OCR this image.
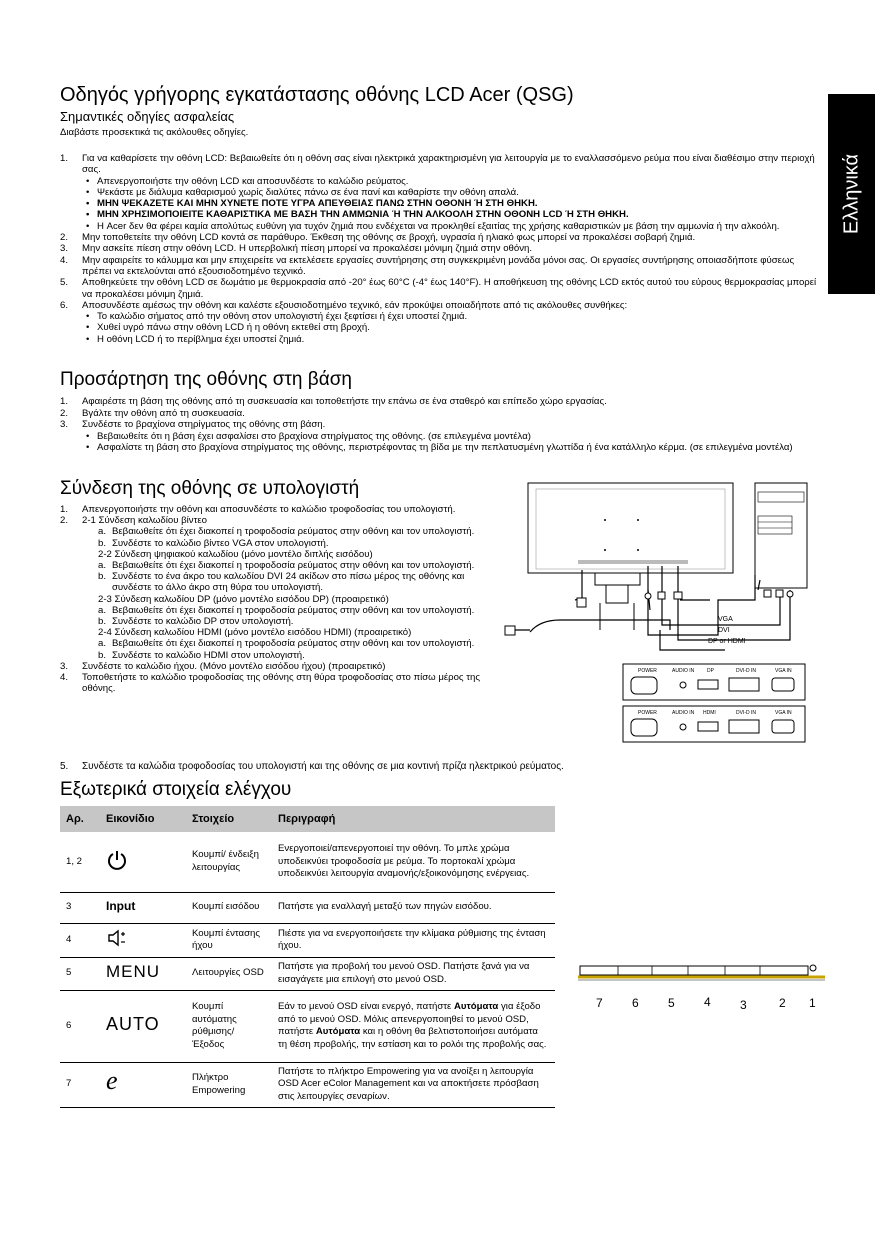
Ελληνικά
Οδηγός γρήγορης εγκατάστασης οθόνης LCD Acer (QSG)
Σημαντικές οδηγίες ασφαλείας
Διαβάστε προσεκτικά τις ακόλουθες οδηγίες.
1. Για να καθαρίσετε την οθόνη LCD: Βεβαιωθείτε ότι η οθόνη σας είναι ηλεκτρικά χαρακτηρισμένη για λειτουργία με το εναλλασσόμενο ρεύμα που είναι διαθέσιμο στην περιοχή σας.
• Απενεργοποιήστε την οθόνη LCD και αποσυνδέστε το καλώδιο ρεύματος.
• Ψεκάστε με διάλυμα καθαρισμού χωρίς διαλύτες πάνω σε ένα πανί και καθαρίστε την οθόνη απαλά.
• ΜΗΝ ΨΕΚΑΖΕΤΕ ΚΑΙ ΜΗΝ ΧΥΝΕΤΕ ΠΟΤΕ ΥΓΡΑ ΑΠΕΥΘΕΙΑΣ ΠΑΝΩ ΣΤΗΝ ΟΘΟΝΗ Ή ΣΤΗ ΘΗΚΗ.
• ΜΗΝ ΧΡΗΣΙΜΟΠΟΙΕΙΤΕ ΚΑΘΑΡΙΣΤΙΚΑ ΜΕ ΒΑΣΗ ΤΗΝ ΑΜΜΩΝΙΑ Ή ΤΗΝ ΑΛΚΟΟΛΗ ΣΤΗΝ ΟΘΟΝΗ LCD Ή ΣΤΗ ΘΗΚΗ.
• Η Acer δεν θα φέρει καμία απολύτως ευθύνη για τυχόν ζημιά που ενδέχεται να προκληθεί εξαιτίας της χρήσης καθαριστικών με βάση την αμμωνία ή την αλκοόλη.
2. Μην τοποθετείτε την οθόνη LCD κοντά σε παράθυρο. Έκθεση της οθόνης σε βροχή, υγρασία ή ηλιακό φως μπορεί να προκαλέσει σοβαρή ζημιά.
3. Μην ασκείτε πίεση στην οθόνη LCD. Η υπερβολική πίεση μπορεί να προκαλέσει μόνιμη ζημιά στην οθόνη.
4. Μην αφαιρείτε το κάλυμμα και μην επιχειρείτε να εκτελέσετε εργασίες συντήρησης στη συγκεκριμένη μονάδα μόνοι σας. Οι εργασίες συντήρησης οποιασδήποτε φύσεως πρέπει να εκτελούνται από εξουσιοδοτημένο τεχνικό.
5. Αποθηκεύετε την οθόνη LCD σε δωμάτιο με θερμοκρασία από -20° έως 60°C (-4° έως 140°F). Η αποθήκευση της οθόνης LCD εκτός αυτού του εύρους θερμοκρασίας μπορεί να προκαλέσει μόνιμη ζημιά.
6. Αποσυνδέστε αμέσως την οθόνη και καλέστε εξουσιοδοτημένο τεχνικό, εάν προκύψει οποιαδήποτε από τις ακόλουθες συνθήκες:
• Το καλώδιο σήματος από την οθόνη στον υπολογιστή έχει ξεφτίσει ή έχει υποστεί ζημιά.
• Χυθεί υγρό πάνω στην οθόνη LCD ή η οθόνη εκτεθεί στη βροχή.
• Η οθόνη LCD ή το περίβλημα έχει υποστεί ζημιά.
Προσάρτηση της οθόνης στη βάση
1. Αφαιρέστε τη βάση της οθόνης από τη συσκευασία και τοποθετήστε την επάνω σε ένα σταθερό και επίπεδο χώρο εργασίας.
2. Βγάλτε την οθόνη από τη συσκευασία.
3. Συνδέστε το βραχίονα στηρίγματος της οθόνης στη βάση.
• Βεβαιωθείτε ότι η βάση έχει ασφαλίσει στο βραχίονα στηρίγματος της οθόνης. (σε επιλεγμένα μοντέλα)
• Ασφαλίστε τη βάση στο βραχίονα στηρίγματος της οθόνης, περιστρέφοντας τη βίδα με την πεπλατυσμένη γλωττίδα ή ένα κατάλληλο κέρμα. (σε επιλεγμένα μοντέλα)
Σύνδεση της οθόνης σε υπολογιστή
1. Απενεργοποιήστε την οθόνη και αποσυνδέστε το καλώδιο τροφοδοσίας του υπολογιστή.
2. 2-1 Σύνδεση καλωδίου βίντεο
a. Βεβαιωθείτε ότι έχει διακοπεί η τροφοδοσία ρεύματος στην οθόνη και τον υπολογιστή.
b. Συνδέστε το καλώδιο βίντεο VGA στον υπολογιστή.
2-2 Σύνδεση ψηφιακού καλωδίου (μόνο μοντέλο διπλής εισόδου)
a. Βεβαιωθείτε ότι έχει διακοπεί η τροφοδοσία ρεύματος στην οθόνη και τον υπολογιστή.
b. Συνδέστε το ένα άκρο του καλωδίου DVI 24 ακίδων στο πίσω μέρος της οθόνης και συνδέστε το άλλο άκρο στη θύρα του υπολογιστή.
2-3 Σύνδεση καλωδίου DP (μόνο μοντέλο εισόδου DP) (προαιρετικό)
a. Βεβαιωθείτε ότι έχει διακοπεί η τροφοδοσία ρεύματος στην οθόνη και τον υπολογιστή.
b. Συνδέστε το καλώδιο DP στον υπολογιστή.
2-4 Σύνδεση καλωδίου HDMI (μόνο μοντέλο εισόδου HDMI) (προαιρετικό)
a. Βεβαιωθείτε ότι έχει διακοπεί η τροφοδοσία ρεύματος στην οθόνη και τον υπολογιστή.
b. Συνδέστε το καλώδιο HDMI στον υπολογιστή.
3. Συνδέστε το καλώδιο ήχου. (Μόνο μοντέλο εισόδου ήχου) (προαιρετικό)
4. Τοποθετήστε το καλώδιο τροφοδοσίας της οθόνης στη θύρα τροφοδοσίας στο πίσω μέρος της οθόνης.
5. Συνδέστε τα καλώδια τροφοδοσίας του υπολογιστή και της οθόνης σε μια κοντινή πρίζα ηλεκτρικού ρεύματος.
VGA
DVI
DP or HDMI
POWER	AUDIO IN	DP	DVI-D IN	VGA IN
POWER	AUDIO IN HDMI	DVI-D IN	VGA IN
Εξωτερικά στοιχεία ελέγχου
Αρ.	Εικονίδιο	Στοιχείο	Περιγραφή
1, 2		Κουμπί/ ένδειξη λειτουργίας	Ενεργοποιεί/απενεργοποιεί την οθόνη. Το μπλε χρώμα υποδεικνύει τροφοδοσία με ρεύμα. Το πορτοκαλί χρώμα υποδεικνύει λειτουργία αναμονής/εξοικονόμησης ενέργειας.
3	Input	Κουμπί εισόδου	Πατήστε για εναλλαγή μεταξύ των πηγών εισόδου.
4		Κουμπί έντασης ήχου	Πιέστε για να ενεργοποιήσετε την κλίμακα ρύθμισης της ένταση ήχου.
5	MENU	Λειτουργίες OSD	Πατήστε για προβολή του μενού OSD. Πατήστε ξανά για να εισαγάγετε μια επιλογή στο μενού OSD.
6	AUTO	Κουμπί αυτόματης ρύθμισης/ Έξοδος	Εάν το μενού OSD είναι ενεργό, πατήστε Αυτόματα για έξοδο από το μενού OSD. Μόλις απενεργοποιηθεί το μενού OSD, πατήστε Αυτόματα και η οθόνη θα βελτιστοποιήσει αυτόματα τη θέση προβολής, την εστίαση και το ρολόι της προβολής σας.
7	e	Πλήκτρο Empowering	Πατήστε το πλήκτρο Empowering για να ανοίξει η λειτουργία OSD Acer eColor Management και να αποκτήσετε πρόσβαση στις λειτουργίες σεναρίων.
7 6 5 4 3	2 1
